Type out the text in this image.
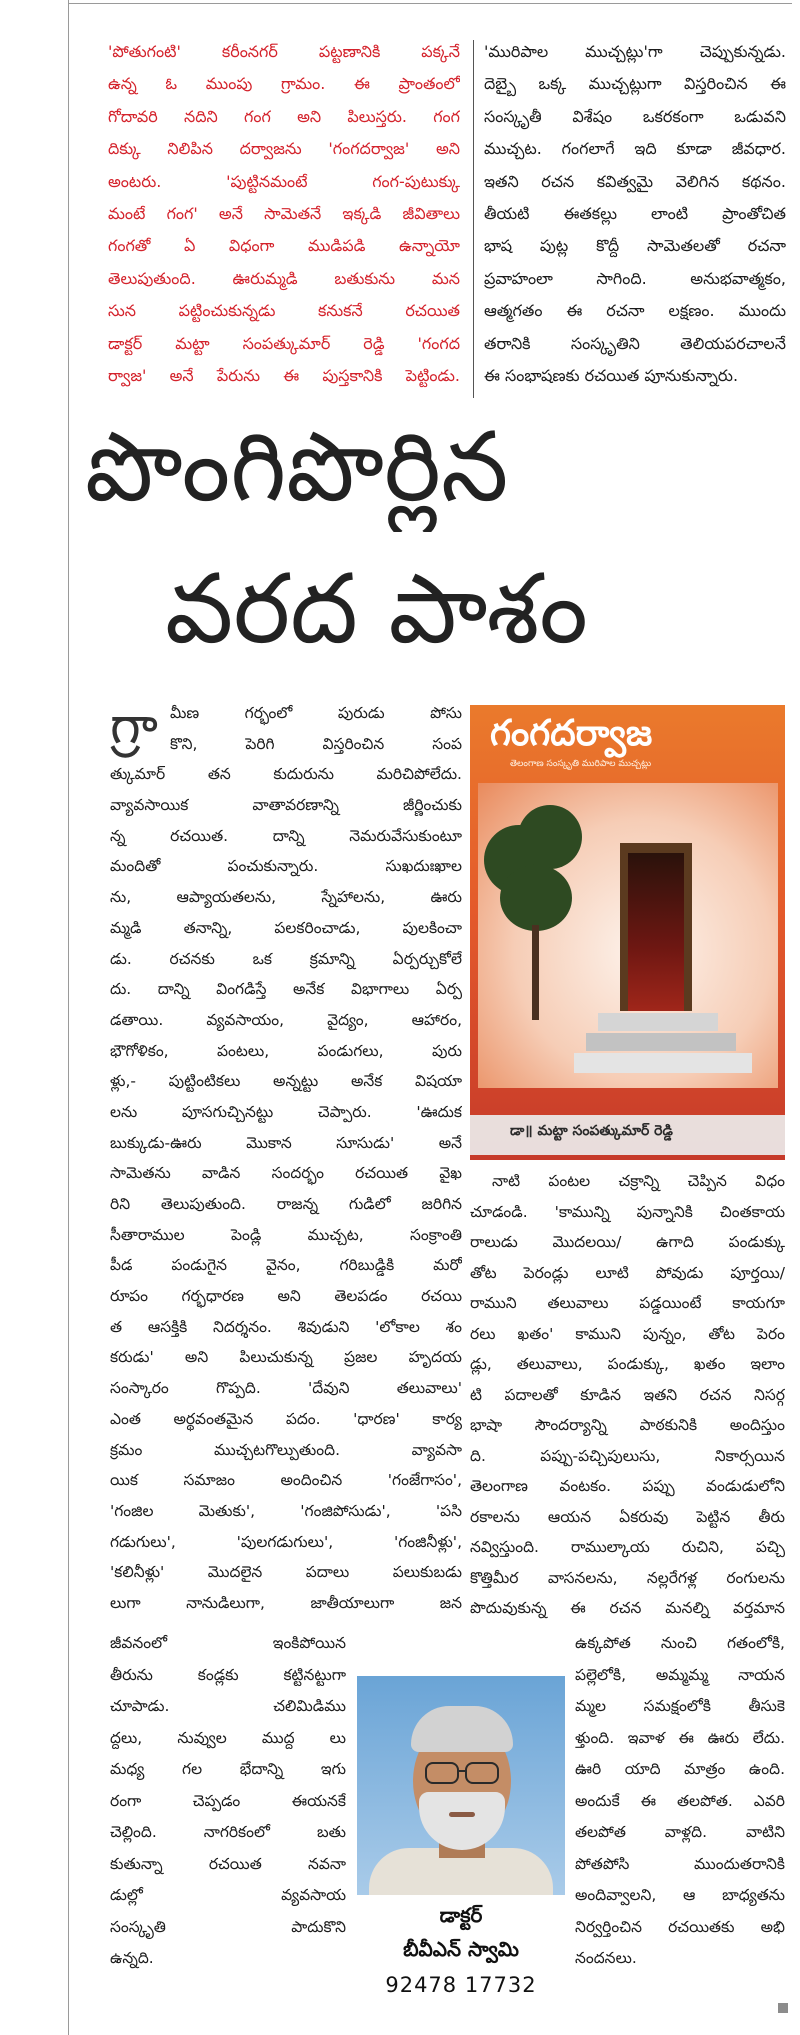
'పోతుగంటి' కరీంనగర్ పట్టణానికి పక్కనే
ఉన్న ఓ ముంపు గ్రామం. ఈ ప్రాంతంలో
గోదావరి నదిని గంగ అని పిలుస్తరు. గంగ
దిక్కు నిలిపిన దర్వాజను 'గంగదర్వాజ' అని
అంటరు. 'పుట్టినమంటే గంగ-పుటుక్కు
మంటే గంగ' అనే సామెతనే ఇక్కడి జీవితాలు
గంగతో ఏ విధంగా ముడిపడి ఉన్నాయో
తెలుపుతుంది. ఊరుమ్మడి బతుకును మన
సున పట్టించుకున్నడు కనుకనే రచయిత
డాక్టర్ మట్టా సంపత్కుమార్ రెడ్డి 'గంగద
ర్వాజ' అనే పేరును ఈ పుస్తకానికి పెట్టిండు.
'మురిపాల ముచ్చట్లు'గా చెప్పుకున్నడు.
దెబ్బై ఒక్క ముచ్చట్లుగా విస్తరించిన ఈ
సంస్కృతీ విశేషం ఒకరకంగా ఒడువని
ముచ్చట. గంగలాగే ఇది కూడా జీవధార.
ఇతని రచన కవిత్వమై వెలిగిన కథనం.
తీయటి ఈతకల్లు లాంటి ప్రాంతోచిత
భాష పుట్ల కొద్దీ సామెతలతో రచనా
ప్రవాహంలా సాగింది. అనుభవాత్మకం,
ఆత్మగతం ఈ రచనా లక్షణం. ముందు
తరానికి సంస్కృతిని తెలియపరచాలనే
ఈ సంభాషణకు రచయిత పూనుకున్నారు.
పొంగిపొర్లిన
వరద పాశం
గ్రా మీణ గర్భంలో పురుడు పోసు
కొని, పెరిగి విస్తరించిన సంప
త్కుమార్ తన కుదురును మరిచిపోలేదు.
వ్యావసాయిక వాతావరణాన్ని జీర్ణించుకు
న్న రచయిత. దాన్ని నెమరువేసుకుంటూ
మందితో పంచుకున్నారు. సుఖదుఃఖాల
ను, ఆప్యాయతలను, స్నేహాలను, ఊరు
మ్మడి తనాన్ని, పలకరించాడు, పులకించా
డు. రచనకు ఒక క్రమాన్ని ఏర్పర్చుకోలే
దు. దాన్ని వింగడిస్తే అనేక విభాగాలు ఏర్ప
డతాయి. వ్యవసాయం, వైద్యం, ఆహారం,
భౌగోళికం, పంటలు, పండుగలు, పురు
ళ్లు,- పుట్టింటికలు అన్నట్టు అనేక విషయా
లను పూసగుచ్చినట్టు చెప్పారు. 'ఊదుక
బుక్కుడు-ఊరు మొకాన సూసుడు' అనే
సామెతను వాడిన సందర్భం రచయిత వైఖ
రిని తెలుపుతుంది. రాజన్న గుడిలో జరిగిన
సీతారాముల పెండ్లి ముచ్చట, సంక్రాంతి
పీడ పండుగైన వైనం, గరిబుడ్డికి మరో
రూపం గర్భధారణ అని తెలపడం రచయి
త ఆసక్తికి నిదర్శనం. శివుడుని 'లోకాల శం
కరుడు' అని పిలుచుకున్న ప్రజల హృదయ
సంస్కారం గొప్పది. 'దేవుని తలువాలు'
ఎంత అర్థవంతమైన పదం. 'ధారణ' కార్య
క్రమం ముచ్చటగొల్పుతుంది. వ్యావసా
యిక సమాజం అందించిన 'గంజేగాసం',
'గంజిల మెతుకు', 'గంజిపోసుడు', 'పసి
గడుగులు', 'పులగడుగులు', 'గంజినీళ్లు',
'కలినీళ్లు' మొదలైన పదాలు పలుకుబడు
లుగా నానుడిలుగా, జాతీయాలుగా జన
జీవనంలో ఇంకిపోయిన
తీరును కండ్లకు కట్టినట్టుగా
చూపాడు. చలిమిడిము
ద్దలు, నువ్వుల ముద్ద లు
మధ్య గల భేదాన్ని ఇగు
రంగా చెప్పడం ఈయనకే
చెల్లింది. నాగరికంలో బతు
కుతున్నా రచయిత నవనా
డుల్లో వ్యవసాయ
సంస్కృతి పాదుకొని
ఉన్నది.
నాటి పంటల చక్రాన్ని చెప్పిన విధం
చూడండి. 'కామున్ని పున్నానికి చింతకాయ
రాలుడు మొదలయి/ ఉగాది పండుక్కు
తోట పెరండ్లు లూటి పోవుడు పూర్తయి/
రాముని తలువాలు పడ్డయింటే కాయగూ
రలు ఖతం' కాముని పున్నం, తోట పెరం
డ్లు, తలువాలు, పండుక్కు, ఖతం ఇలాం
టి పదాలతో కూడిన ఇతని రచన నిసర్గ
భాషా సౌందర్యాన్ని పాఠకునికి అందిస్తుం
ది. పప్పు-పచ్చిపులుసు, నికార్సయిన
తెలంగాణ వంటకం. పప్పు వండుడులోని
రకాలను ఆయన ఏకరువు పెట్టిన తీరు
నవ్విస్తుంది. రాముల్కాయ రుచిని, పచ్చి
కొత్తిమీర వాసనలను, నల్లరేగళ్ల రంగులను
పొదువుకున్న ఈ రచన మనల్ని వర్తమాన
ఉక్కపోత నుంచి గతంలోకి,
పల్లెలోకి, అమ్మమ్మ నాయన
మ్మల సమక్షంలోకి తీసుకె
ళ్తుంది. ఇవాళ ఈ ఊరు లేదు.
ఊరి యాది మాత్రం ఉంది.
అందుకే ఈ తలపోత. ఎవరి
తలపోత వాళ్లది. వాటిని
పోతపోసి ముందుతరానికి
అందివ్వాలని, ఆ బాధ్యతను
నిర్వర్తించిన రచయితకు అభి
నందనలు.
గంగదర్వాజ
తెలంగాణ సంస్కృతి మురిపాల ముచ్చట్లు
డా॥ మట్టా సంపత్కుమార్ రెడ్డి
డాక్టర్
బీవీఎన్ స్వామి
92478 17732
